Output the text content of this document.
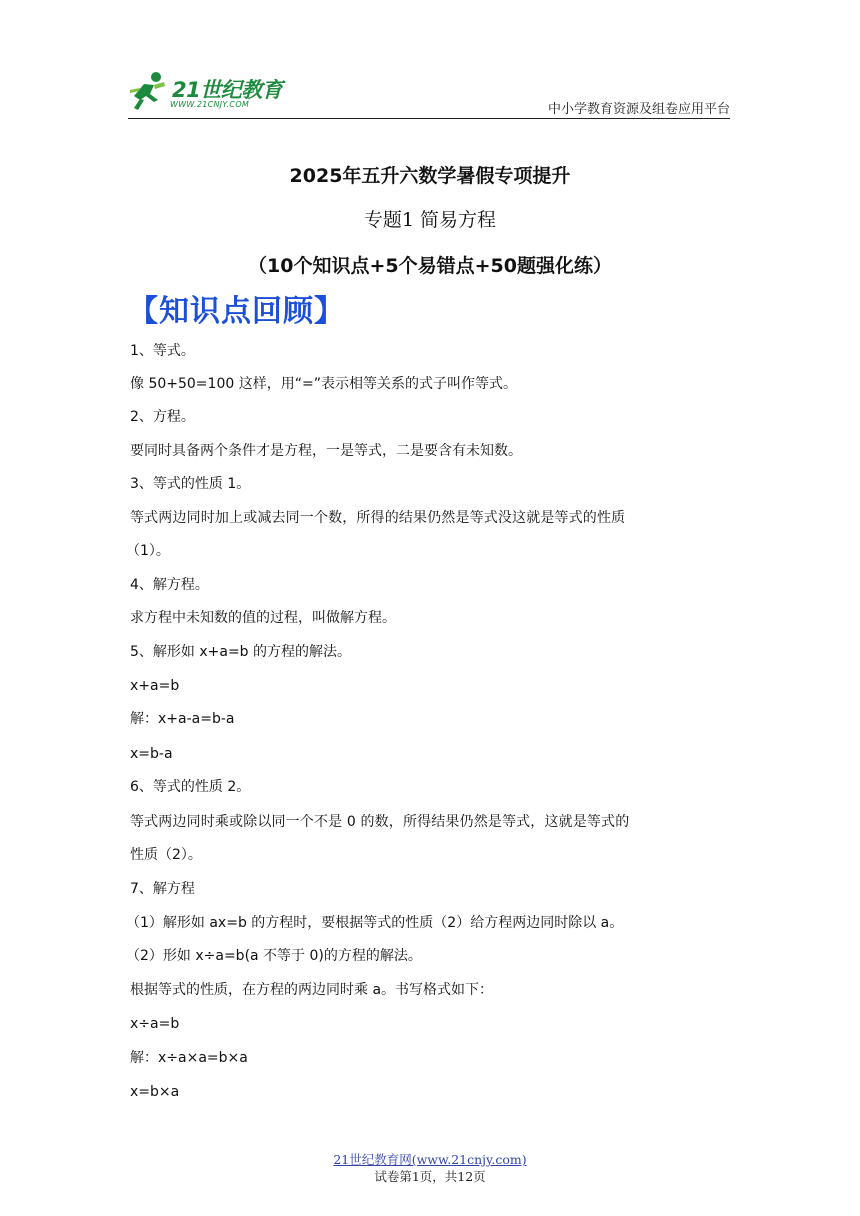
21世纪教育
WWW.21CNJY.COM	中小学教育资源及组卷应用平台
2025年五升六数学暑假专项提升
专题1 简易方程
（10个知识点+5个易错点+50题强化练）
【知识点回顾】
1、等式。
像 50+50=100 这样，用“=”表示相等关系的式子叫作等式。
2、方程。
要同时具备两个条件才是方程，一是等式，二是要含有未知数。
3、等式的性质 1。
等式两边同时加上或减去同一个数，所得的结果仍然是等式没这就是等式的性质
（1）。
4、解方程。
求方程中未知数的值的过程，叫做解方程。
5、解形如 x+a=b 的方程的解法。
x+a=b
解：x+a-a=b-a
x=b-a
6、等式的性质 2。
等式两边同时乘或除以同一个不是 0 的数，所得结果仍然是等式，这就是等式的
性质（2）。
7、解方程
（1）解形如 ax=b 的方程时，要根据等式的性质（2）给方程两边同时除以 a。
（2）形如 x÷a=b(a 不等于 0)的方程的解法。
根据等式的性质，在方程的两边同时乘 a。书写格式如下：
x÷a=b
解：x÷a×a=b×a
x=b×a
21世纪教育网(www.21cnjy.com)
试卷第1页，共12页
